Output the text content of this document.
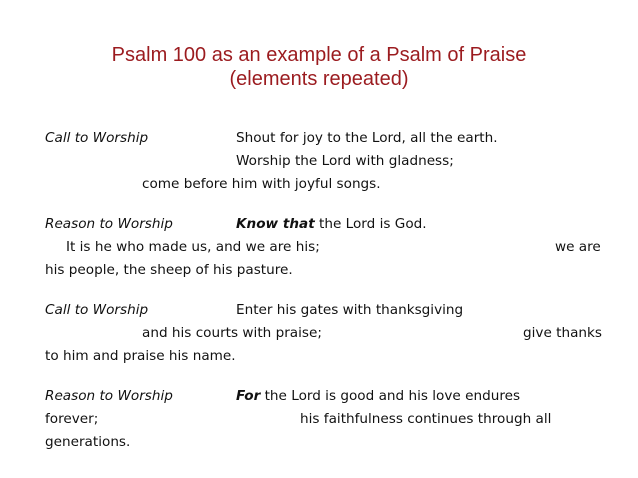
Psalm 100 as an example of a Psalm of Praise
(elements repeated)
Call to Worship	Shout for joy to the Lord, all the earth.
Worship the Lord with gladness;
come before him with joyful songs.
Reason to Worship	Know that the Lord is God.
It is he who made us, and we are his;	we are
his people, the sheep of his pasture.
Call to Worship	Enter his gates with thanksgiving
and his courts with praise;	give thanks
to him and praise his name.
Reason to Worship	For the Lord is good and his love endures
forever;	his faithfulness continues through all
generations.
